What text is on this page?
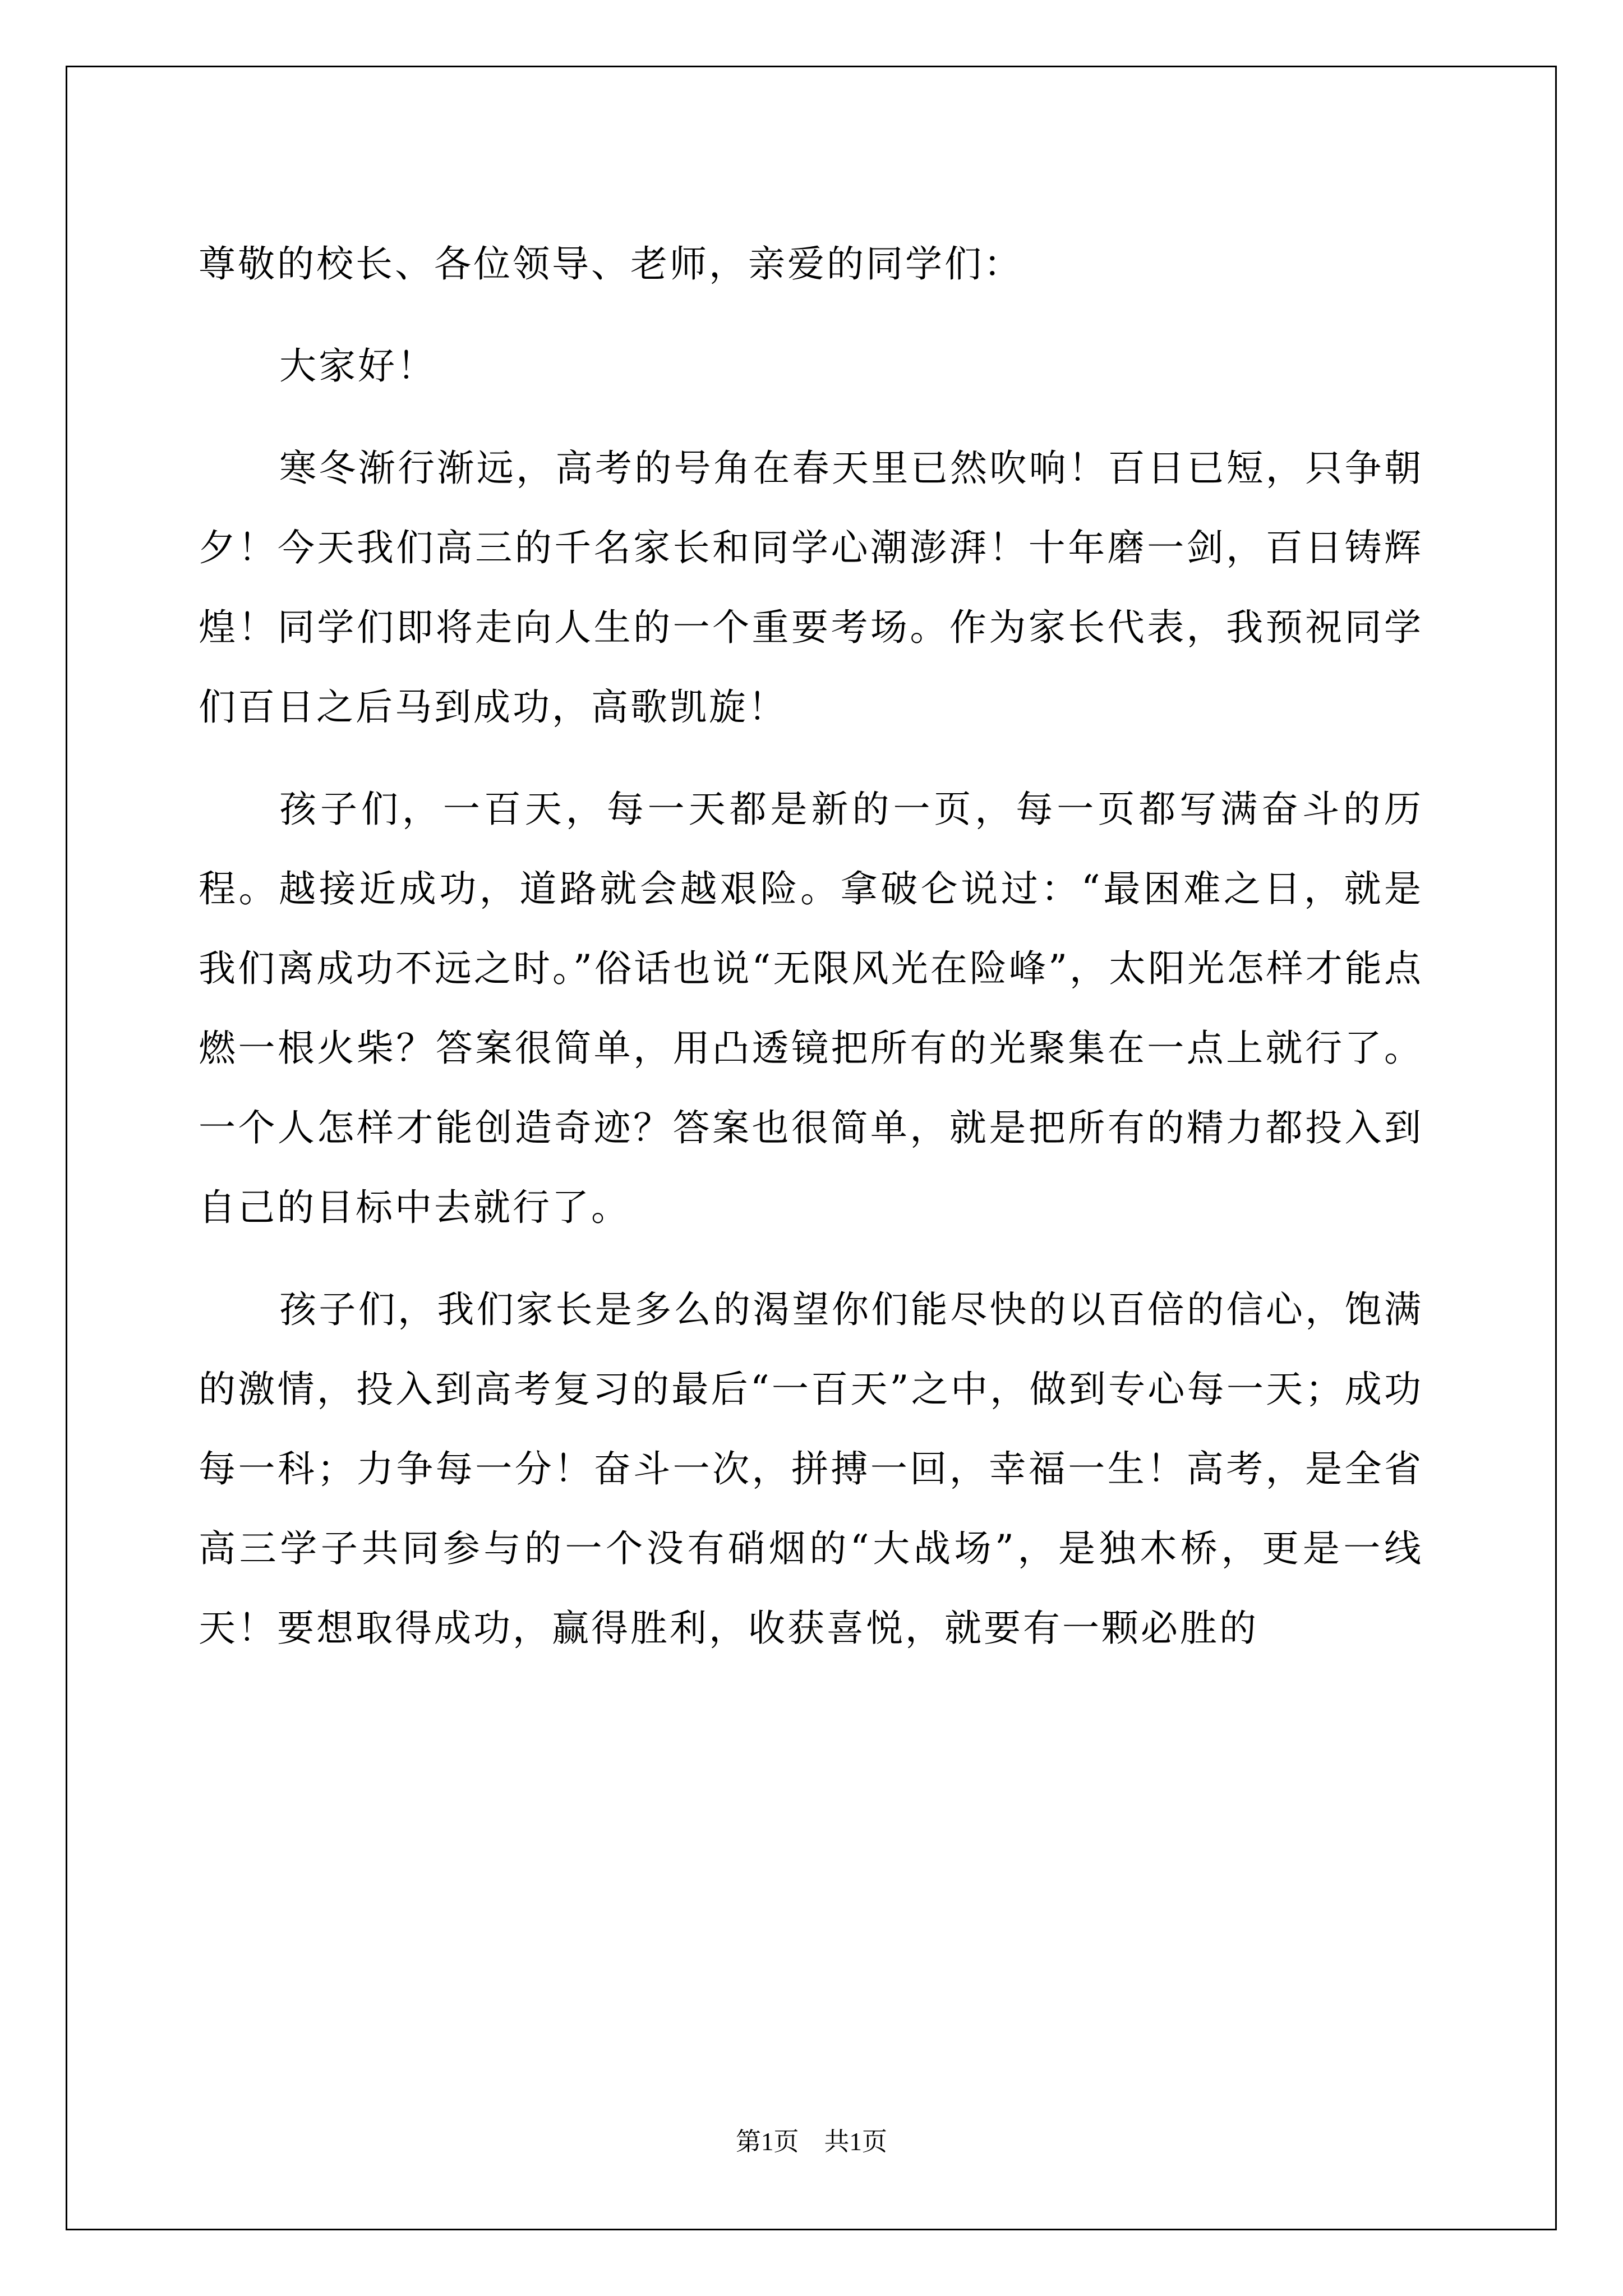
尊敬的校长、各位领导、老师，亲爱的同学们：

大家好！

寒冬渐行渐远，高考的号角在春天里已然吹响！百日已短，只争朝夕！今天我们高三的千名家长和同学心潮澎湃！十年磨一剑，百日铸辉煌！同学们即将走向人生的一个重要考场。作为家长代表，我预祝同学们百日之后马到成功，高歌凯旋！

孩子们，一百天，每一天都是新的一页，每一页都写满奋斗的历程。越接近成功，道路就会越艰险。拿破仑说过：“最困难之日，就是我们离成功不远之时。”俗话也说“无限风光在险峰”，太阳光怎样才能点燃一根火柴？答案很简单，用凸透镜把所有的光聚集在一点上就行了。一个人怎样才能创造奇迹？答案也很简单，就是把所有的精力都投入到自己的目标中去就行了。

孩子们，我们家长是多么的渴望你们能尽快的以百倍的信心，饱满的激情，投入到高考复习的最后“一百天”之中，做到专心每一天；成功每一科；力争每一分！奋斗一次，拼搏一回，幸福一生！高考，是全省高三学子共同参与的一个没有硝烟的“大战场”，是独木桥，更是一线天！要想取得成功，赢得胜利，收获喜悦，就要有一颗必胜的

第1页　共1页
